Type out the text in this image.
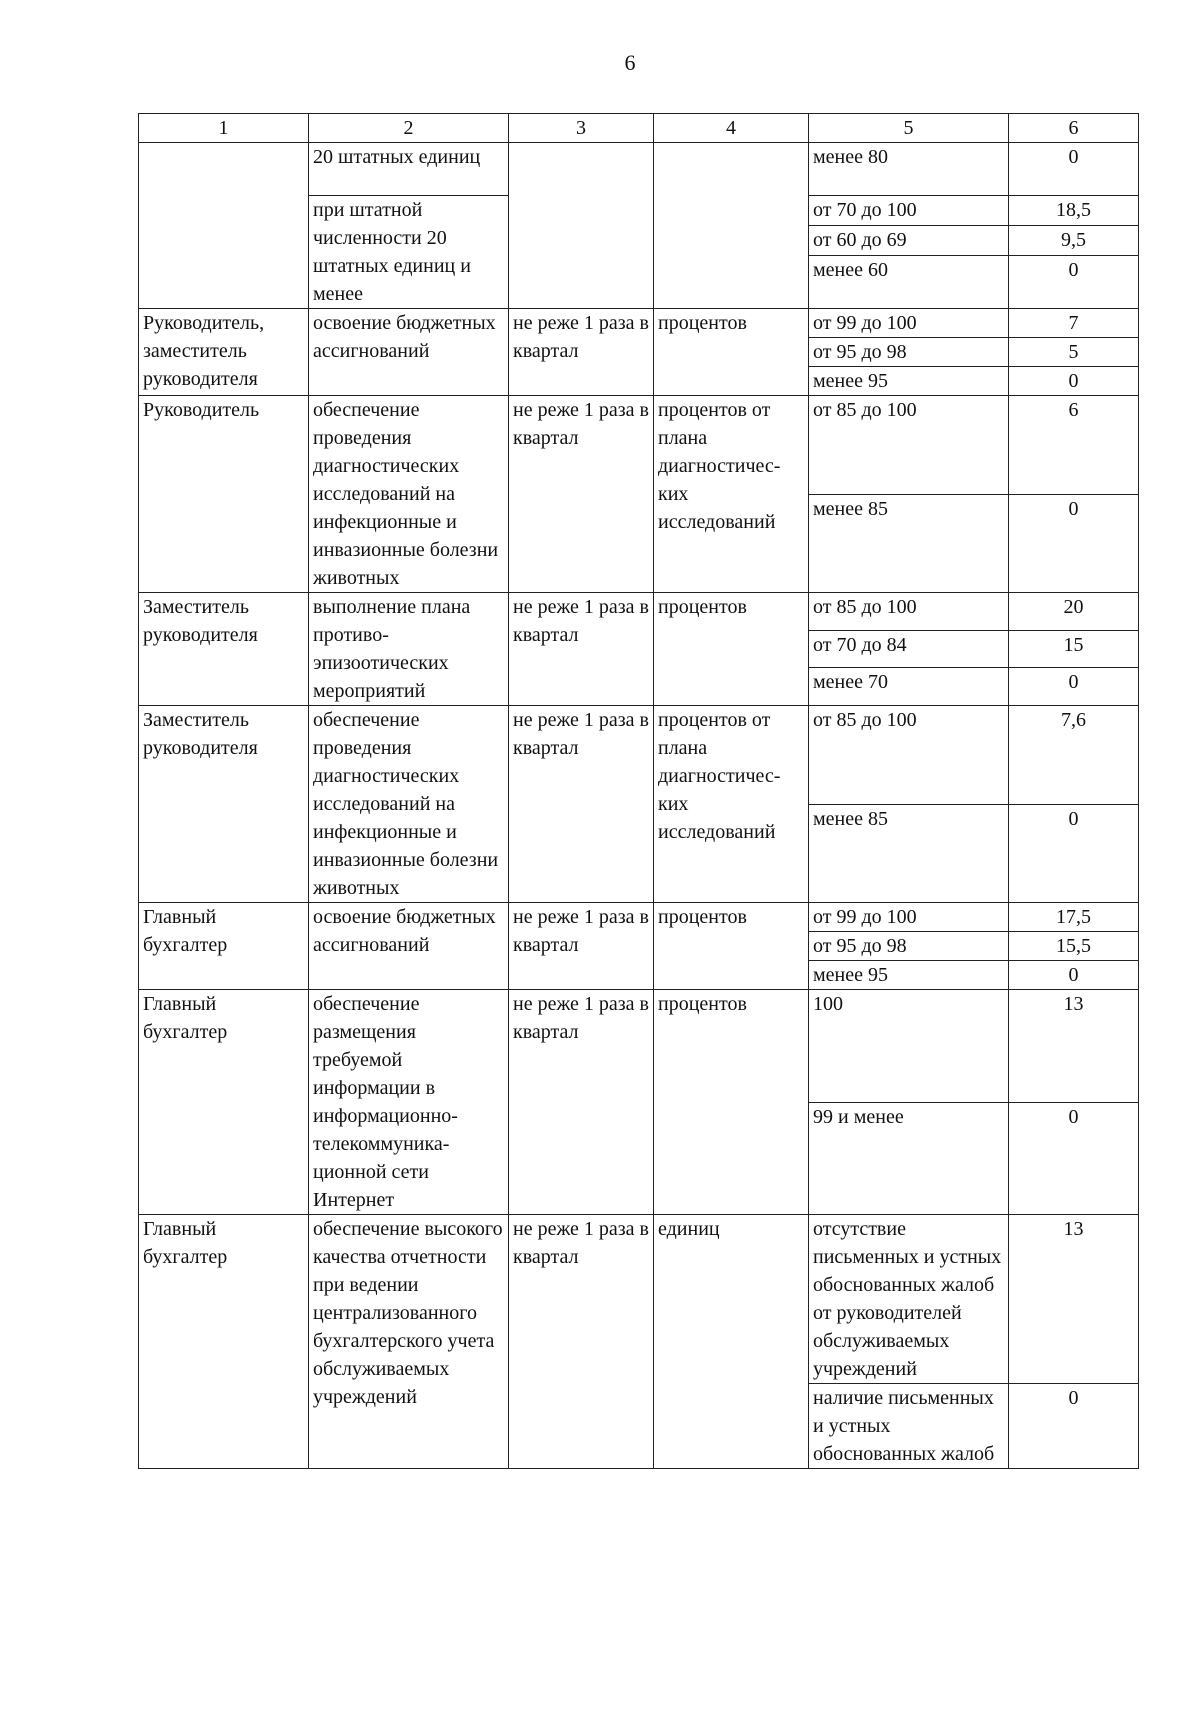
6
1	2	3	4	5	6
	20 штатных единиц			менее 80	0
	при штатной численности 20 штатных единиц и менее			от 70 до 100	18,5
				от 60 до 69	9,5
				менее 60	0
Руководитель, заместитель руководителя	освоение бюджетных ассигнований	не реже 1 раза в квартал	процентов	от 99 до 100	7
				от 95 до 98	5
				менее 95	0
Руководитель	обеспечение проведения диагностических исследований на инфекционные и инвазионные болезни животных	не реже 1 раза в квартал	процентов от плана диагностичес-ких исследований	от 85 до 100	6
				менее 85	0
Заместитель руководителя	выполнение плана противо-эпизоотических мероприятий	не реже 1 раза в квартал	процентов	от 85 до 100	20
				от 70 до 84	15
				менее 70	0
Заместитель руководителя	обеспечение проведения диагностических исследований на инфекционные и инвазионные болезни животных	не реже 1 раза в квартал	процентов от плана диагностичес-ких исследований	от 85 до 100	7,6
				менее 85	0
Главный бухгалтер	освоение бюджетных ассигнований	не реже 1 раза в квартал	процентов	от 99 до 100	17,5
				от 95 до 98	15,5
				менее 95	0
Главный бухгалтер	обеспечение размещения требуемой информации в информационно-телекоммуника-ционной сети Интернет	не реже 1 раза в квартал	процентов	100	13
				99 и менее	0
Главный бухгалтер	обеспечение высокого качества отчетности при ведении централизованного бухгалтерского учета обслуживаемых учреждений	не реже 1 раза в квартал	единиц	отсутствие письменных и устных обоснованных жалоб от руководителей обслуживаемых учреждений	13
				наличие письменных и устных обоснованных жалоб	0
